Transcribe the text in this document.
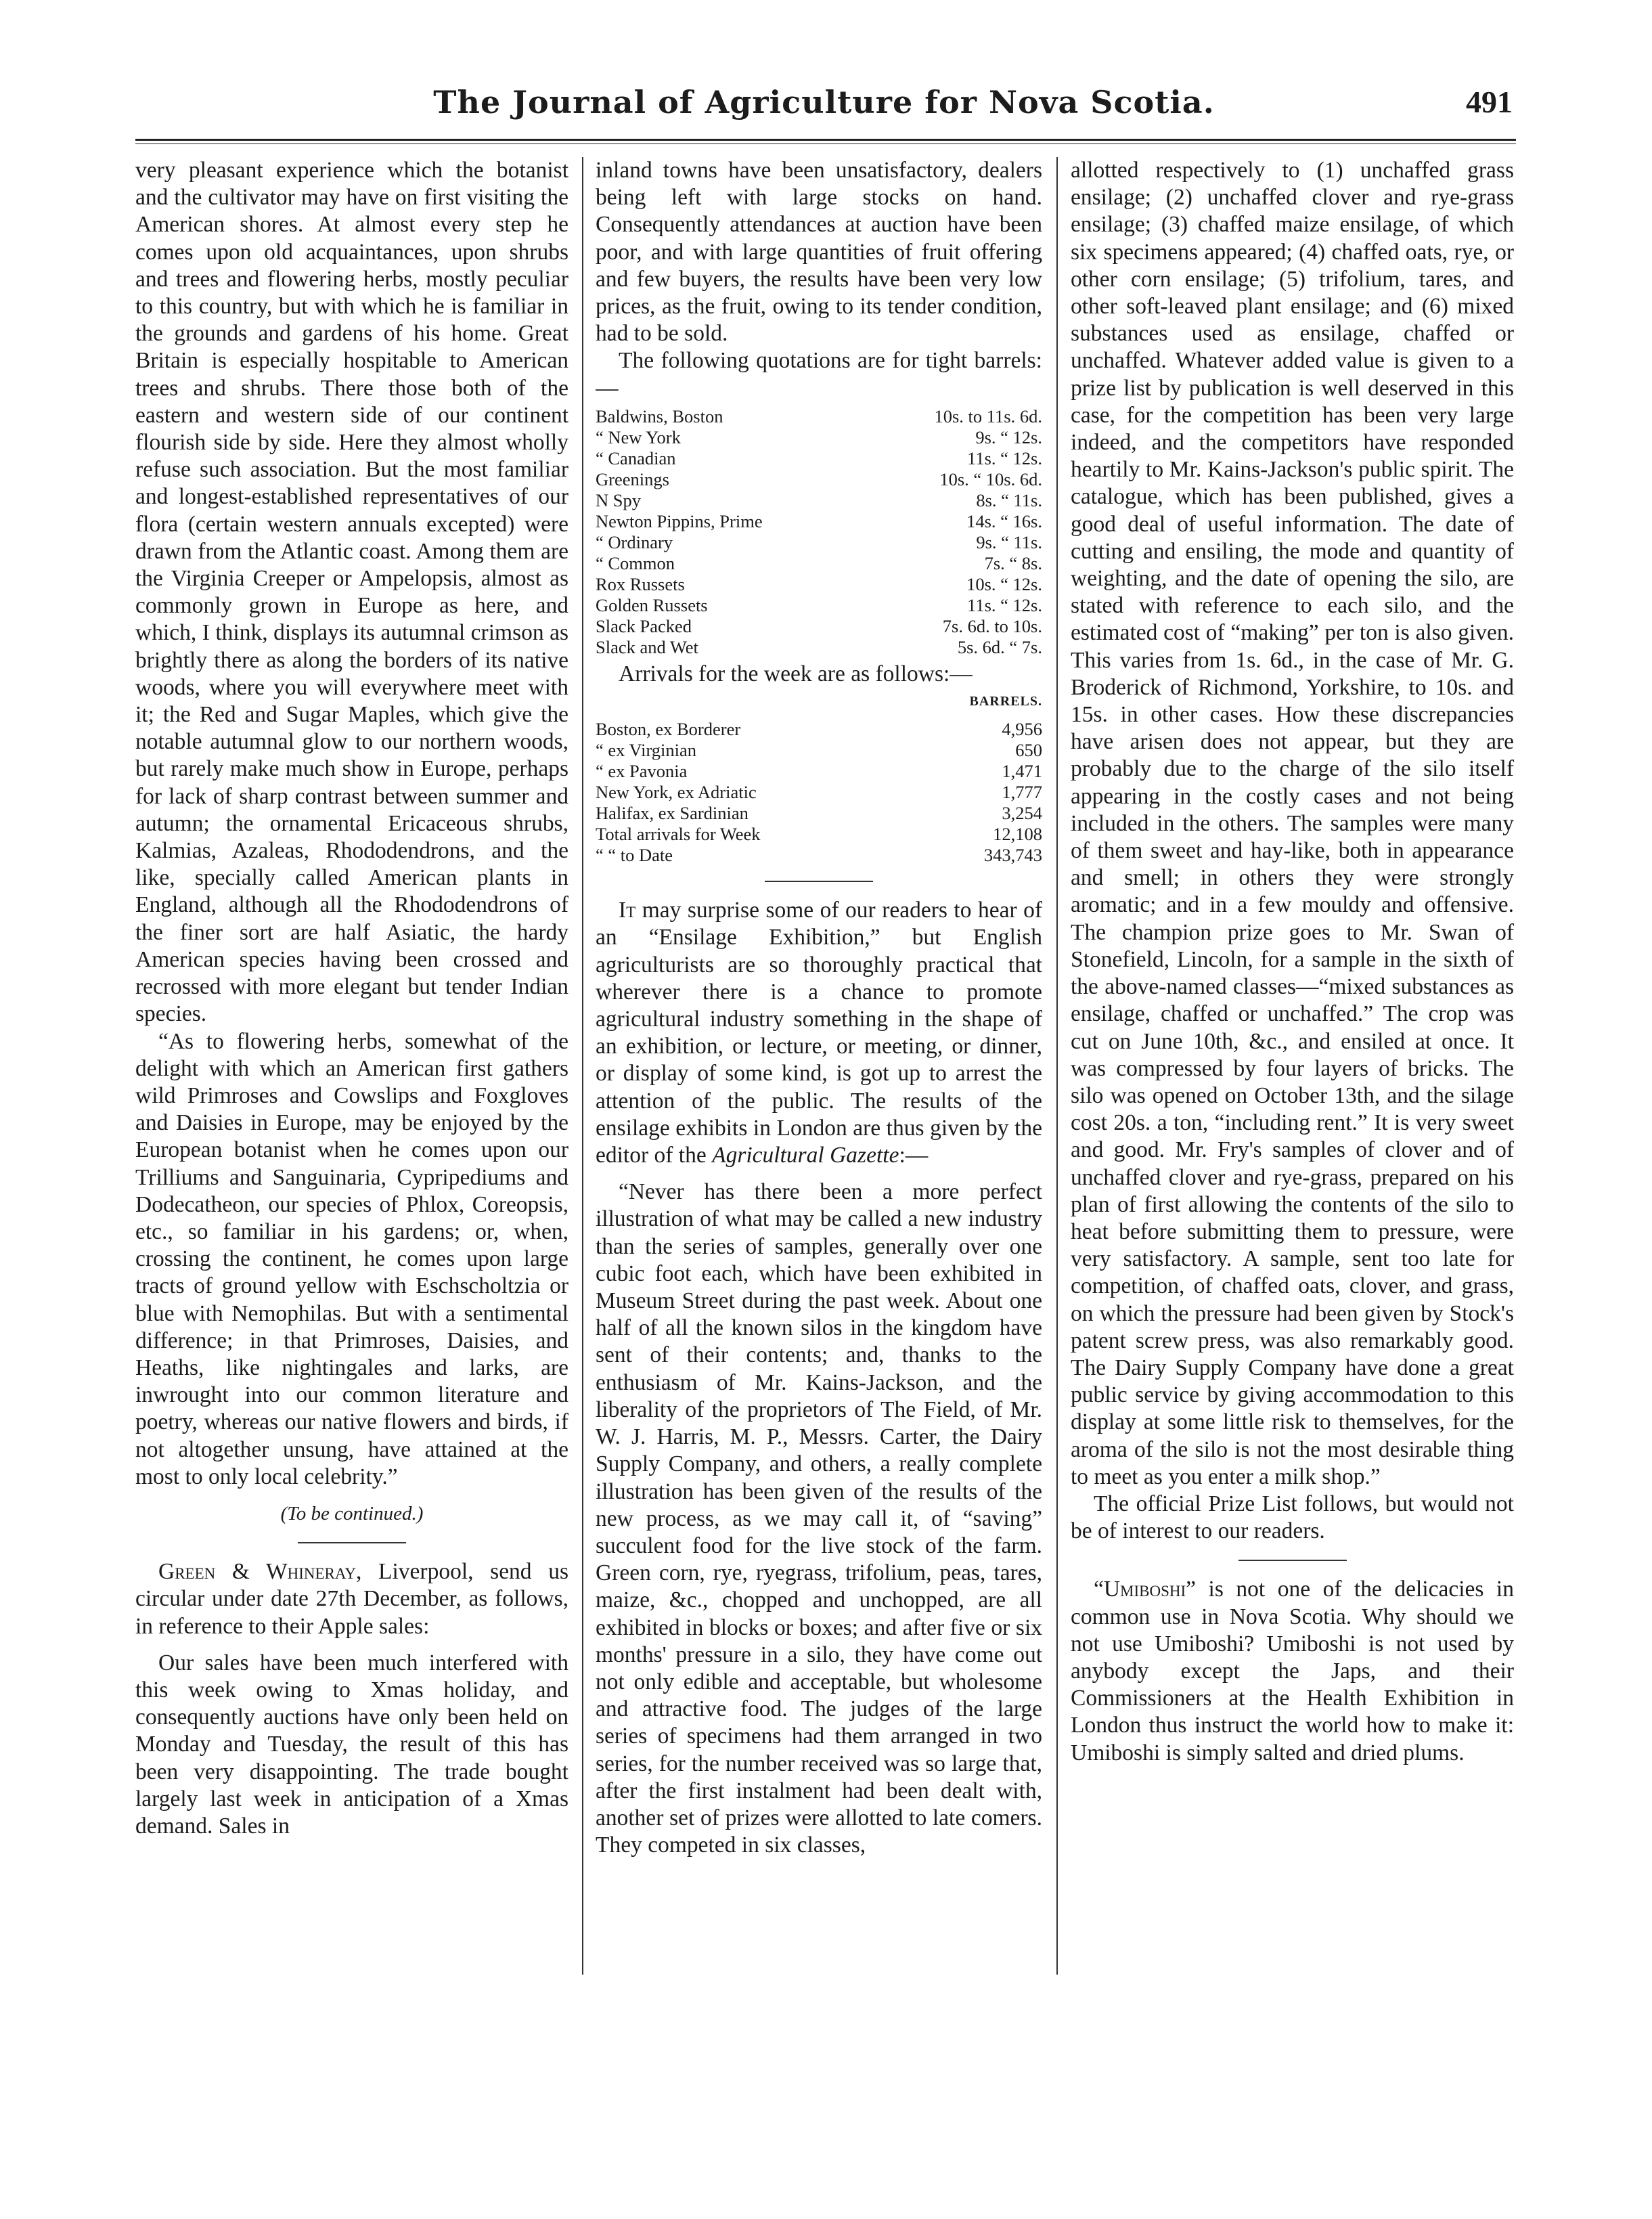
The Journal of Agriculture for Nova Scotia.	491

very pleasant experience which the botanist and the cultivator may have on first visiting the American shores. At almost every step he comes upon old acquaintances, upon shrubs and trees and flowering herbs, mostly peculiar to this country, but with which he is familiar in the grounds and gardens of his home. Great Britain is especially hospitable to American trees and shrubs. There those both of the eastern and western side of our continent flourish side by side. Here they almost wholly refuse such association. But the most familiar and longest-established representatives of our flora (certain western annuals excepted) were drawn from the Atlantic coast. Among them are the Virginia Creeper or Ampelopsis, almost as commonly grown in Europe as here, and which, I think, displays its autumnal crimson as brightly there as along the borders of its native woods, where you will everywhere meet with it; the Red and Sugar Maples, which give the notable autumnal glow to our northern woods, but rarely make much show in Europe, perhaps for lack of sharp contrast between summer and autumn; the ornamental Ericaceous shrubs, Kalmias, Azaleas, Rhododendrons, and the like, specially called American plants in England, although all the Rhododendrons of the finer sort are half Asiatic, the hardy American species having been crossed and recrossed with more elegant but tender Indian species.

“As to flowering herbs, somewhat of the delight with which an American first gathers wild Primroses and Cowslips and Foxgloves and Daisies in Europe, may be enjoyed by the European botanist when he comes upon our Trilliums and Sanguinaria, Cypripediums and Dodecatheon, our species of Phlox, Coreopsis, etc., so familiar in his gardens; or, when, crossing the continent, he comes upon large tracts of ground yellow with Eschscholtzia or blue with Nemophilas. But with a sentimental difference; in that Primroses, Daisies, and Heaths, like nightingales and larks, are inwrought into our common literature and poetry, whereas our native flowers and birds, if not altogether unsung, have attained at the most to only local celebrity.”

(To be continued.)

Green & Whineray, Liverpool, send us circular under date 27th December, as follows, in reference to their Apple sales:

Our sales have been much interfered with this week owing to Xmas holiday, and consequently auctions have only been held on Monday and Tuesday, the result of this has been very disappointing. The trade bought largely last week in anticipation of a Xmas demand. Sales in

inland towns have been unsatisfactory, dealers being left with large stocks on hand. Consequently attendances at auction have been poor, and with large quantities of fruit offering and few buyers, the results have been very low prices, as the fruit, owing to its tender condition, had to be sold.

The following quotations are for tight barrels:—

Baldwins, Boston	10s. to 11s. 6d.
“ New York	9s. “ 12s.
“ Canadian	11s. “ 12s.
Greenings	10s. “ 10s. 6d.
N Spy	8s. “ 11s.
Newton Pippins, Prime	14s. “ 16s.
“ Ordinary	9s. “ 11s.
“ Common	7s. “ 8s.
Rox Russets	10s. “ 12s.
Golden Russets	11s. “ 12s.
Slack Packed	7s. 6d. to 10s.
Slack and Wet	5s. 6d. “ 7s.

Arrivals for the week are as follows:—

BARRELS.
Boston, ex Borderer	4,956
“ ex Virginian	650
“ ex Pavonia	1,471
New York, ex Adriatic	1,777
Halifax, ex Sardinian	3,254
Total arrivals for Week	12,108
“ “ to Date	343,743

It may surprise some of our readers to hear of an “Ensilage Exhibition,” but English agriculturists are so thoroughly practical that wherever there is a chance to promote agricultural industry something in the shape of an exhibition, or lecture, or meeting, or dinner, or display of some kind, is got up to arrest the attention of the public. The results of the ensilage exhibits in London are thus given by the editor of the Agricultural Gazette:—

“Never has there been a more perfect illustration of what may be called a new industry than the series of samples, generally over one cubic foot each, which have been exhibited in Museum Street during the past week. About one half of all the known silos in the kingdom have sent of their contents; and, thanks to the enthusiasm of Mr. Kains-Jackson, and the liberality of the proprietors of The Field, of Mr. W. J. Harris, M. P., Messrs. Carter, the Dairy Supply Company, and others, a really complete illustration has been given of the results of the new process, as we may call it, of “saving” succulent food for the live stock of the farm. Green corn, rye, ryegrass, trifolium, peas, tares, maize, &c., chopped and unchopped, are all exhibited in blocks or boxes; and after five or six months' pressure in a silo, they have come out not only edible and acceptable, but wholesome and attractive food. The judges of the large series of specimens had them arranged in two series, for the number received was so large that, after the first instalment had been dealt with, another set of prizes were allotted to late comers. They competed in six classes,

allotted respectively to (1) unchaffed grass ensilage; (2) unchaffed clover and rye-grass ensilage; (3) chaffed maize ensilage, of which six specimens appeared; (4) chaffed oats, rye, or other corn ensilage; (5) trifolium, tares, and other soft-leaved plant ensilage; and (6) mixed substances used as ensilage, chaffed or unchaffed. Whatever added value is given to a prize list by publication is well deserved in this case, for the competition has been very large indeed, and the competitors have responded heartily to Mr. Kains-Jackson's public spirit. The catalogue, which has been published, gives a good deal of useful information. The date of cutting and ensiling, the mode and quantity of weighting, and the date of opening the silo, are stated with reference to each silo, and the estimated cost of “making” per ton is also given. This varies from 1s. 6d., in the case of Mr. G. Broderick of Richmond, Yorkshire, to 10s. and 15s. in other cases. How these discrepancies have arisen does not appear, but they are probably due to the charge of the silo itself appearing in the costly cases and not being included in the others. The samples were many of them sweet and hay-like, both in appearance and smell; in others they were strongly aromatic; and in a few mouldy and offensive. The champion prize goes to Mr. Swan of Stonefield, Lincoln, for a sample in the sixth of the above-named classes—“mixed substances as ensilage, chaffed or unchaffed.” The crop was cut on June 10th, &c., and ensiled at once. It was compressed by four layers of bricks. The silo was opened on October 13th, and the silage cost 20s. a ton, “including rent.” It is very sweet and good. Mr. Fry's samples of clover and of unchaffed clover and rye-grass, prepared on his plan of first allowing the contents of the silo to heat before submitting them to pressure, were very satisfactory. A sample, sent too late for competition, of chaffed oats, clover, and grass, on which the pressure had been given by Stock's patent screw press, was also remarkably good. The Dairy Supply Company have done a great public service by giving accommodation to this display at some little risk to themselves, for the aroma of the silo is not the most desirable thing to meet as you enter a milk shop.”

The official Prize List follows, but would not be of interest to our readers.

“Umiboshi” is not one of the delicacies in common use in Nova Scotia. Why should we not use Umiboshi? Umiboshi is not used by anybody except the Japs, and their Commissioners at the Health Exhibition in London thus instruct the world how to make it: Umiboshi is simply salted and dried plums.
